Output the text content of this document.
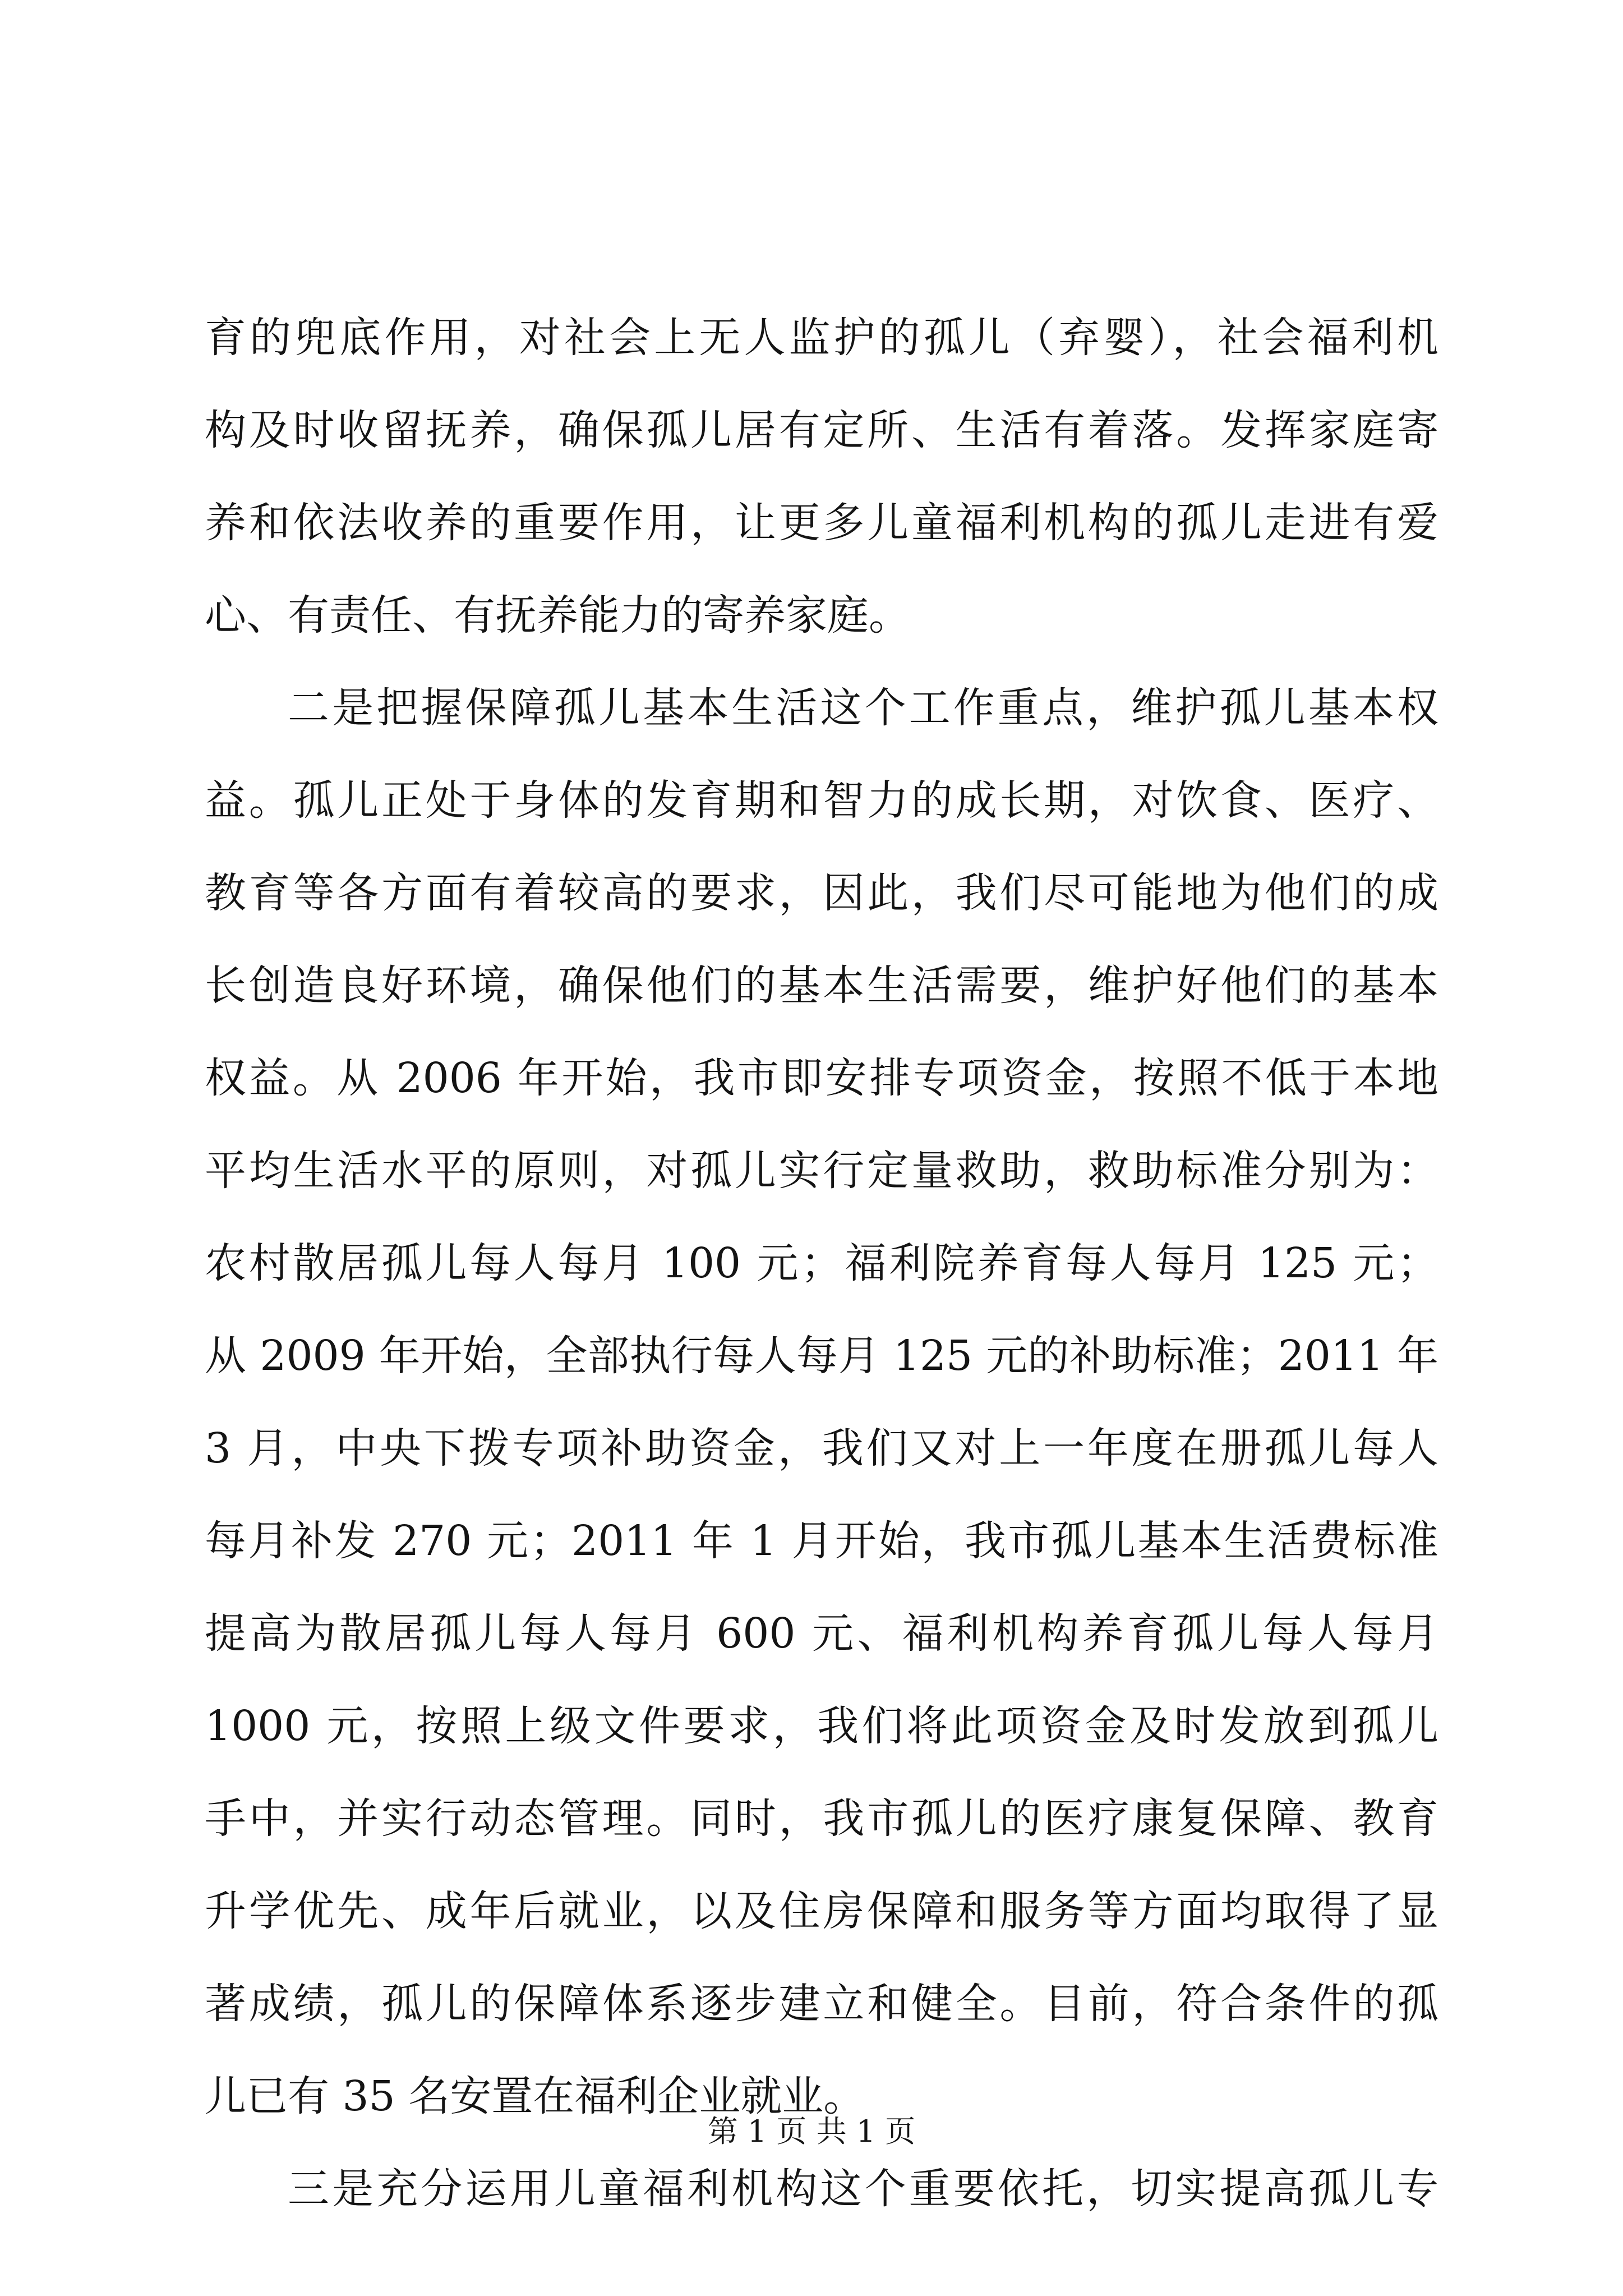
育的兜底作用，对社会上无人监护的孤儿（弃婴），社会福利机
构及时收留抚养，确保孤儿居有定所、生活有着落。发挥家庭寄
养和依法收养的重要作用，让更多儿童福利机构的孤儿走进有爱
心、有责任、有抚养能力的寄养家庭。
二是把握保障孤儿基本生活这个工作重点，维护孤儿基本权
益。孤儿正处于身体的发育期和智力的成长期，对饮食、医疗、
教育等各方面有着较高的要求，因此，我们尽可能地为他们的成
长创造良好环境，确保他们的基本生活需要，维护好他们的基本
权益。从 2006 年开始，我市即安排专项资金，按照不低于本地
平均生活水平的原则，对孤儿实行定量救助，救助标准分别为：
农村散居孤儿每人每月 100 元；福利院养育每人每月 125 元；
从 2009 年开始，全部执行每人每月 125 元的补助标准；2011 年
3 月，中央下拨专项补助资金，我们又对上一年度在册孤儿每人
每月补发 270 元；2011 年 1 月开始，我市孤儿基本生活费标准
提高为散居孤儿每人每月 600 元、福利机构养育孤儿每人每月
1000 元，按照上级文件要求，我们将此项资金及时发放到孤儿
手中，并实行动态管理。同时，我市孤儿的医疗康复保障、教育
升学优先、成年后就业，以及住房保障和服务等方面均取得了显
著成绩，孤儿的保障体系逐步建立和健全。目前，符合条件的孤
儿已有 35 名安置在福利企业就业。
三是充分运用儿童福利机构这个重要依托，切实提高孤儿专
第 1 页 共 1 页
